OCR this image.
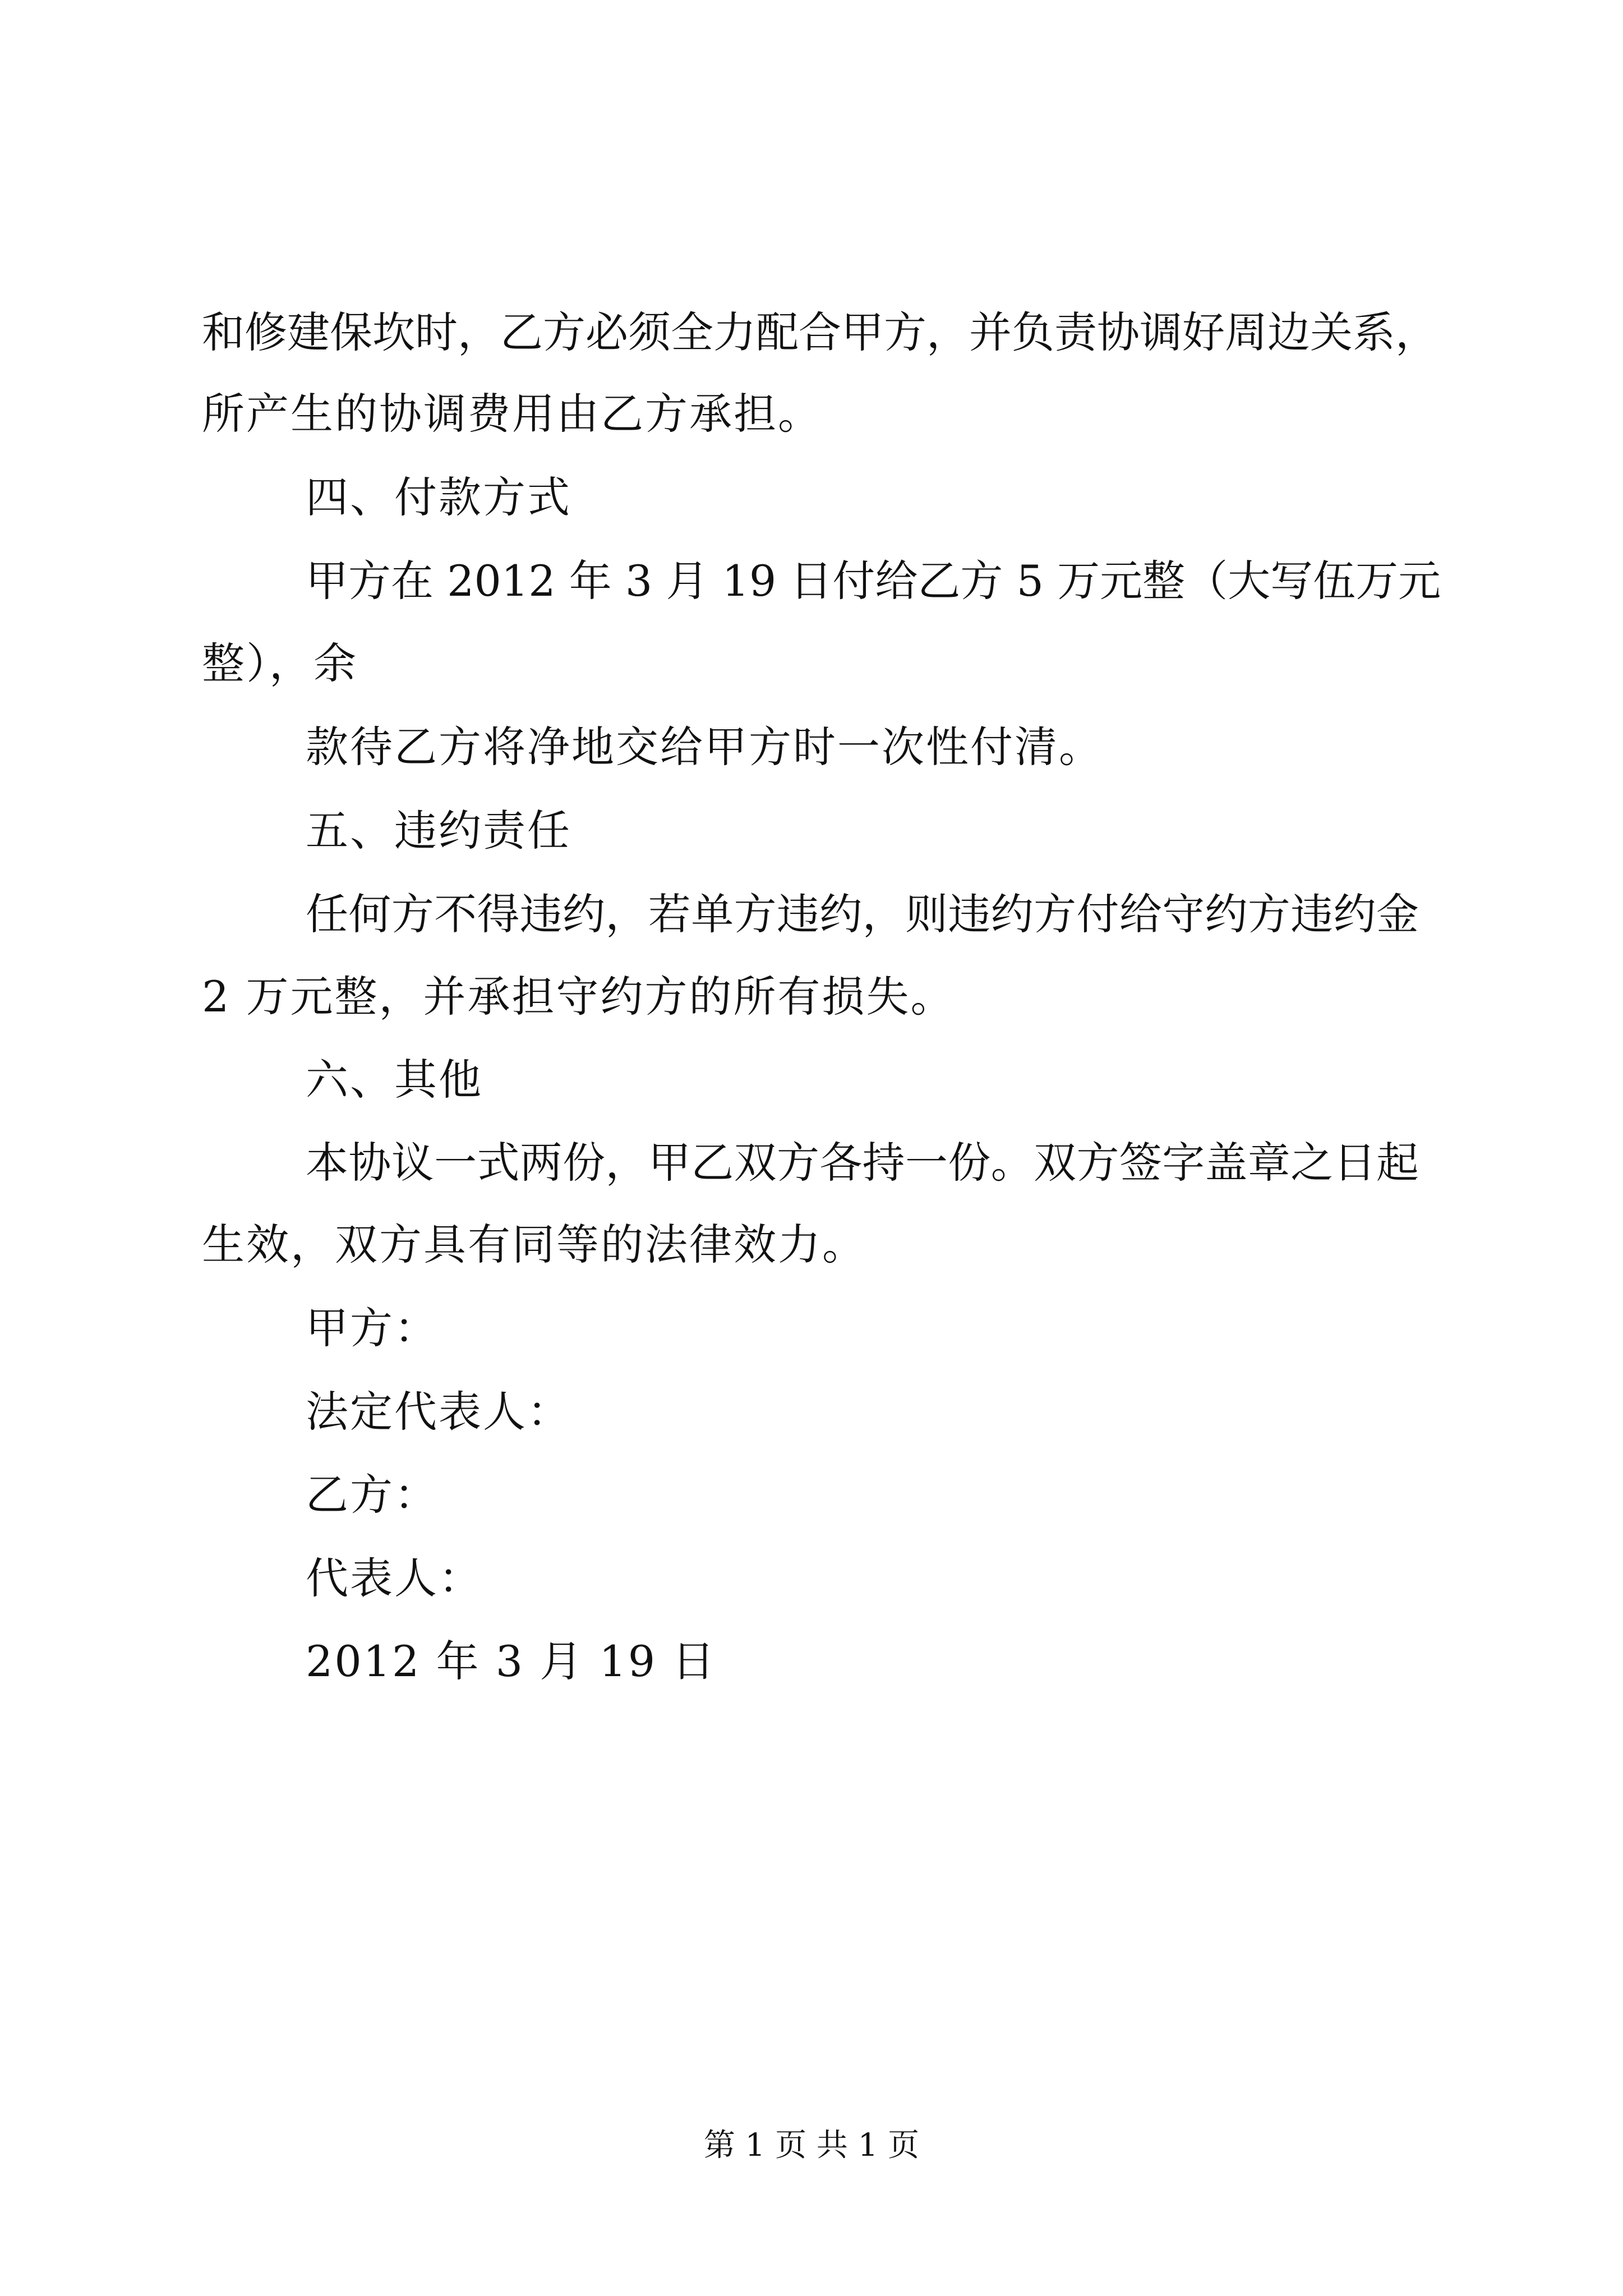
和修建保坎时，乙方必须全力配合甲方，并负责协调好周边关系，
所产生的协调费用由乙方承担。
四、付款方式
甲方在 2012 年 3 月 19 日付给乙方 5 万元整（大写伍万元
整），余
款待乙方将净地交给甲方时一次性付清。
五、违约责任
任何方不得违约，若单方违约，则违约方付给守约方违约金
2 万元整，并承担守约方的所有损失。
六、其他
本协议一式两份，甲乙双方各持一份。双方签字盖章之日起
生效，双方具有同等的法律效力。
甲方：
法定代表人：
乙方：
代表人：
2012 年 3 月 19 日
第 1 页 共 1 页
